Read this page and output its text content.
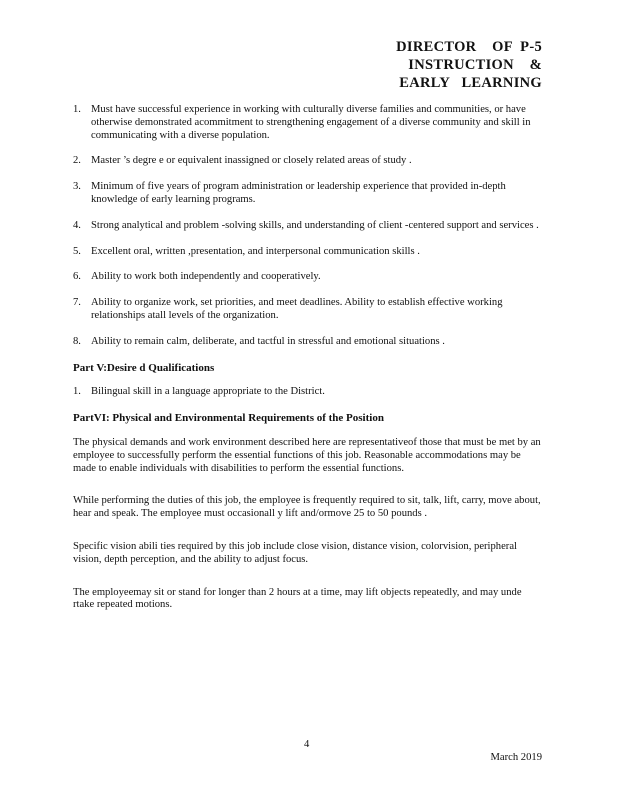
DIRECTOR    OF  P-5
INSTRUCTION    &
EARLY   LEARNING
1. Must have successful experience in working with culturally diverse families and communities, or have otherwise demonstrated acommitment to strengthening engagement of a diverse community and skill in communicating with a diverse population.
2. Master ’s degre e or equivalent inassigned or closely related areas of study .
3. Minimum of five years of program administration or leadership experience that provided in-depth knowledge of early learning programs.
4. Strong analytical and problem -solving skills, and understanding of client -centered support and services .
5. Excellent oral, written ,presentation, and interpersonal communication skills .
6. Ability to work both independently and cooperatively.
7. Ability to organize work, set priorities, and meet deadlines. Ability to establish effective working relationships atall levels of the organization.
8. Ability to remain calm, deliberate, and tactful in stressful and emotional situations .
Part V:Desire d Qualifications
1. Bilingual skill in a language appropriate to the District.
PartVI: Physical and Environmental Requirements of the Position

The physical demands and work environment described here are representativeof those that must be met by an employee to successfully perform the essential functions of this job. Reasonable accommodations may be made to enable individuals with disabilities to perform the essential functions.

While performing the duties of this job, the employee is frequently required to sit, talk, lift, carry, move about, hear and speak. The employee must occasionall y lift and/ormove 25 to 50 pounds .

Specific vision abili ties required by this job include close vision, distance vision, colorvision, peripheral vision, depth perception, and the ability to adjust focus.

The employeemay sit or stand for longer than 2 hours at a time, may lift objects repeatedly, and may unde rtake repeated motions.

4
March 2019
